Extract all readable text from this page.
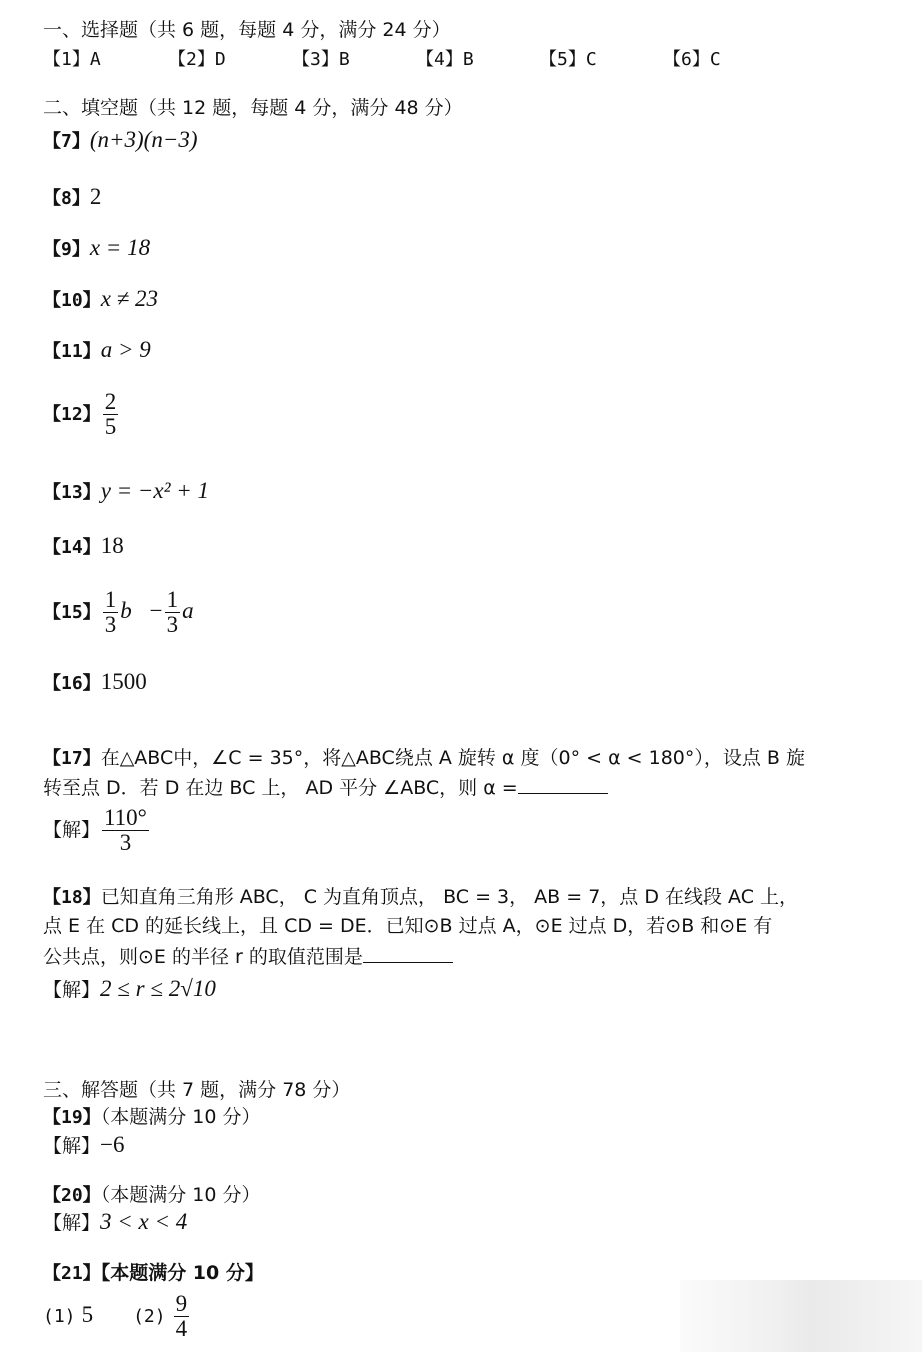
一、选择题（共 6 题，每题 4 分，满分 24 分）
【1】A	【2】D	【3】B	【4】B	【5】C	【6】C
二、填空题（共 12 题，每题 4 分，满分 48 分）
【7】(n+3)(n−3)
【8】2
【9】x = 18
【10】x ≠ 23
【11】a > 9
【12】 $\frac{2}{5}$
【13】y = −x² + 1
【14】18
【15】 $\frac{1}{3}$ b⃗− $\frac{1}{3}$ a⃗
【16】1500
【17】在△ABC中，∠C = 35°，将△ABC绕点 A 旋转 α 度（0° < α < 180°），设点 B 旋
转至点 D．若 D 在边 BC 上， AD 平分 ∠ABC，则 α =
【解】 $\frac{110^\circ}{3}$
【18】已知直角三角形 ABC， C 为直角顶点， BC = 3， AB = 7，点 D 在线段 AC 上，
点 E 在 CD 的延长线上，且 CD = DE．已知⊙B 过点 A，⊙E 过点 D，若⊙B 和⊙E 有
公共点，则⊙E 的半径 r 的取值范围是
【解】2 ≤ r ≤ 2√10
三、解答题（共 7 题，满分 78 分）
【19】（本题满分 10 分）
【解】−6
【20】（本题满分 10 分）
【解】3 < x < 4
【21】【本题满分 10 分】
(1) 5 $(2) \frac{9}{4}$
